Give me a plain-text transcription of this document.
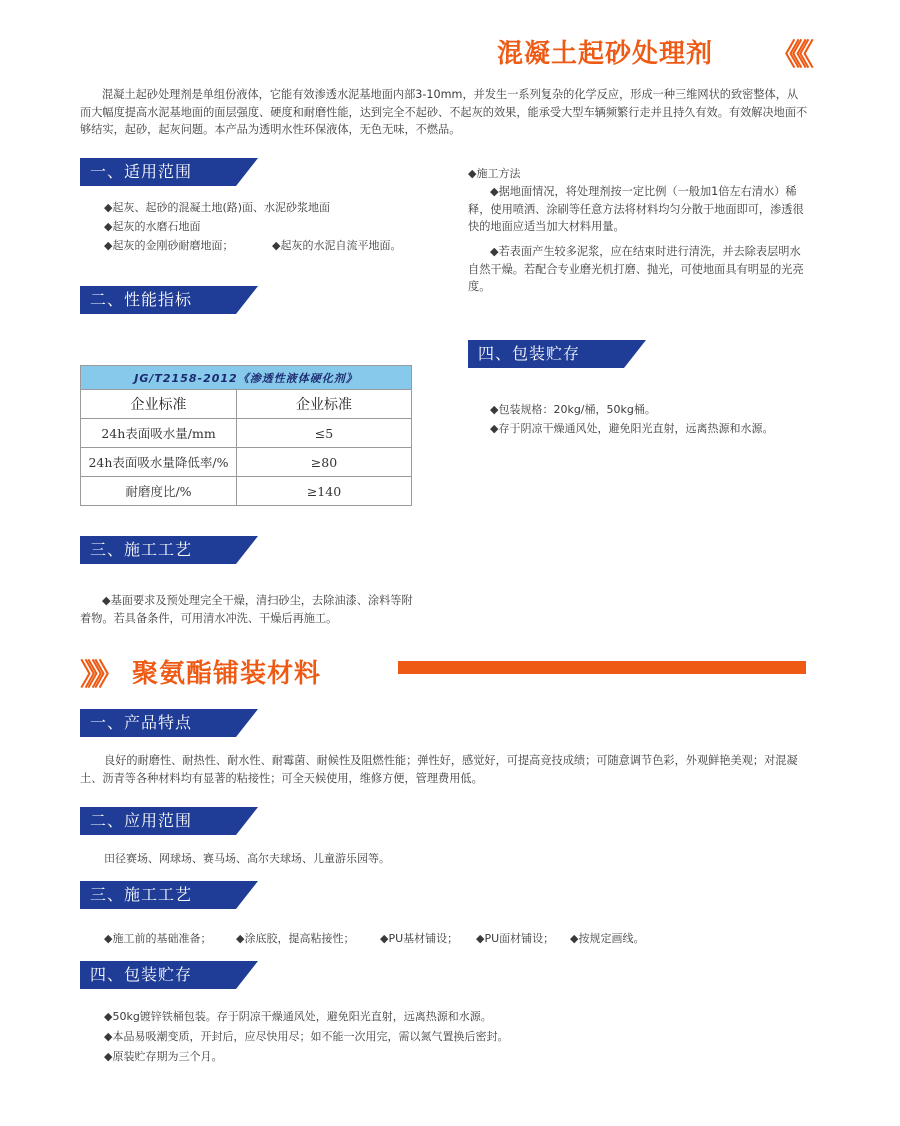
混凝土起砂处理剂 《《《
混凝土起砂处理剂是单组份液体，它能有效渗透水泥基地面内部3-10mm，并发生一系列复杂的化学反应，形成一种三维网状的致密整体，从而大幅度提高水泥基地面的面层强度、硬度和耐磨性能，达到完全不起砂、不起灰的效果，能承受大型车辆频繁行走并且持久有效。有效解决地面不够结实，起砂，起灰问题。本产品为透明水性环保液体，无色无味，不燃品。
一、适用范围
◆起灰、起砂的混凝土地(路)面、水泥砂浆地面
◆起灰的水磨石地面
◆起灰的金刚砂耐磨地面；	◆起灰的水泥自流平地面。
二、性能指标
JG/T2158-2012《渗透性液体硬化剂》	
企业标准	企业标准
24h表面吸水量/mm	≤5
24h表面吸水量降低率/%	≥80
耐磨度比/%	≥140
三、施工工艺
◆基面要求及预处理完全干燥，清扫砂尘，去除油漆、涂料等附着物。若具备条件，可用清水冲洗、干燥后再施工。
◆施工方法
◆据地面情况，将处理剂按一定比例（一般加1倍左右清水）稀释，使用喷洒、涂刷等任意方法将材料均匀分散于地面即可，渗透很快的地面应适当加大材料用量。
◆若表面产生较多泥浆，应在结束时进行清洗，并去除表层明水自然干燥。若配合专业磨光机打磨、抛光，可使地面具有明显的光亮度。
四、包装贮存
◆包装规格：20kg/桶，50kg桶。
◆存于阴凉干燥通风处，避免阳光直射，远离热源和水源。
》》》 聚氨酯铺装材料
一、产品特点
良好的耐磨性、耐热性、耐水性、耐霉菌、耐候性及阻燃性能；弹性好，感觉好，可提高竞技成绩；可随意调节色彩，外观鲜艳美观；对混凝土、沥青等各种材料均有显著的粘接性；可全天候使用，维修方便，管理费用低。
二、应用范围
田径赛场、网球场、赛马场、高尔夫球场、儿童游乐园等。
三、施工工艺
◆施工前的基础准备； ◆涂底胶，提高粘接性； ◆PU基材铺设； ◆PU面材铺设； ◆按规定画线。
四、包装贮存
◆50kg镀锌铁桶包装。存于阴凉干燥通风处，避免阳光直射，远离热源和水源。
◆本品易吸潮变质，开封后，应尽快用尽；如不能一次用完，需以氮气置换后密封。
◆原装贮存期为三个月。
